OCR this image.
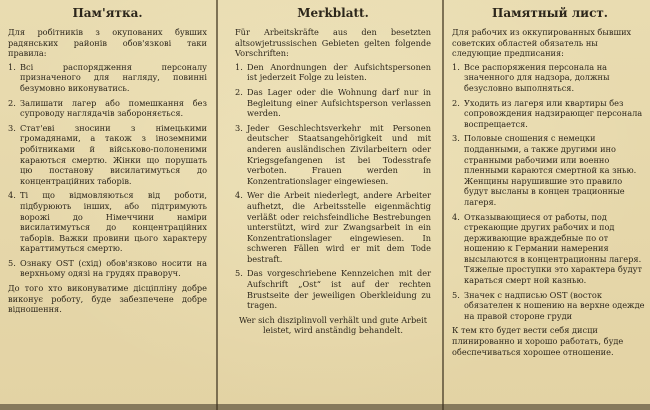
Пам'ятка.
Для робітників з окупованих бувших радянських районів обов'язкові таки правила:
1. Всі распорядження персоналу призначеного для нагляду, повинні безумовно виконуватись.
2. Залишати лагер або помешкання без супроводу наглядачів забороняється.
3. Стат'еві зносини з німецькими громадянами, а також з іноземними робітниками й військово-полоненими караються смертю. Жінки що порушать цю постанову висилатимуться до концентраційних таборів.
4. Ті що відмовляються від роботи, підбурюють інших, або підтримують ворожі до Німеччини наміри висилатимуться до концентраційних таборів. Важки провини цього характеру караттимуться смертю.
5. Ознаку OST (схід) обов'язково носити на верхньому одязі на грудях праворуч.
До того хто виконуватиме дісціпліну добре виконує роботу, буде забезпечене добре відношення.
Merkblatt.
Für Arbeitskräfte aus den besetzten altsowjetrussischen Gebieten gelten folgende Vorschriften:
1. Den Anordnungen der Aufsichtspersonen ist jederzeit Folge zu leisten.
2. Das Lager oder die Wohnung darf nur in Begleitung einer Aufsichtsperson verlassen werden.
3. Jeder Geschlechtsverkehr mit Personen deutscher Staatsangehörigkeit und mit anderen ausländischen Zivilarbeitern oder Kriegsgefangenen ist bei Todesstrafe verboten. Frauen werden in Konzentrationslager eingewiesen.
4. Wer die Arbeit niederlegt, andere Arbeiter aufhetzt, die Arbeitsstelle eigenmächtig verläßt oder reichsfeindliche Bestrebungen unterstützt, wird zur Zwangsarbeit in ein Konzentrationslager eingewiesen. In schweren Fällen wird er mit dem Tode bestraft.
5. Das vorgeschriebene Kennzeichen mit der Aufschrift „Ost“ ist auf der rechten Brustseite der jeweiligen Oberkleidung zu tragen.
Wer sich disziplinvoll verhält und gute Arbeit leistet, wird anständig behandelt.
Памятный лист.
Для рабочих из оккупированных бывших советских областей обязатель ны следующие предписания:
1. Все распоряжения персонала на значенного для надзора, должны безусловно выполняться.
2. Уходить из лагеря или квартиры без сопровождения надзирающег персонала воспрещается.
3. Половые сношения с немецки подданными, а также другими ино странными рабочими или военно пленными караются смертной ка знью. Женщины нарушившие это правило будут высланы в концен трационные лагеря.
4. Отказывающиеся от работы, под стрекающие других рабочих и под держивающие враждебные по от ношению к Германии намерения высылаются в концентрационны лагеря. Тяжелые проступки это характера будут караться смерт ной казнью.
5. Значек с надписью OST (восток обязателен к ношению на верхне одежде на правой стороне груди
К тем кто будет вести себя дисци плинированно и хорошо работать, буде обеспечиваться хорошее отношение.
